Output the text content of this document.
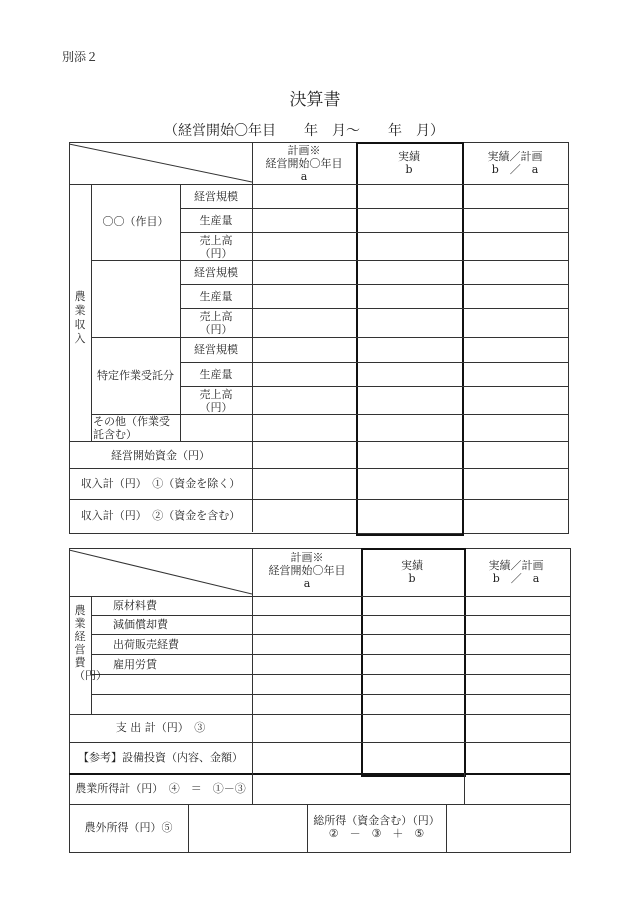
別添２
決算書
（経営開始〇年目　　年　月～　　年　月）
計画※
経営開始〇年目
a
実績
b
実績／計画
b　／　a
農業収入
〇〇（作目）
経営規模
生産量
売上高
（円）
経営規模
生産量
売上高
（円）
特定作業受託分
経営規模
生産量
売上高
（円）
その他（作業受
託含む）
経営開始資金（円）
収入計（円）　①（資金を除く）
収入計（円）　②（資金を含む）
計画※
経営開始〇年目
a
実績
b
実績／計画
b　／　a
農業経営費（円）
原材料費
減価償却費
出荷販売経費
雇用労賃
支 出 計（円）　③
【参考】設備投資（内容、金額）
農業所得計（円）　④　＝　①－③
農外所得（円）⑤
総所得（資金含む）（円）
②　－　③　＋　⑤
